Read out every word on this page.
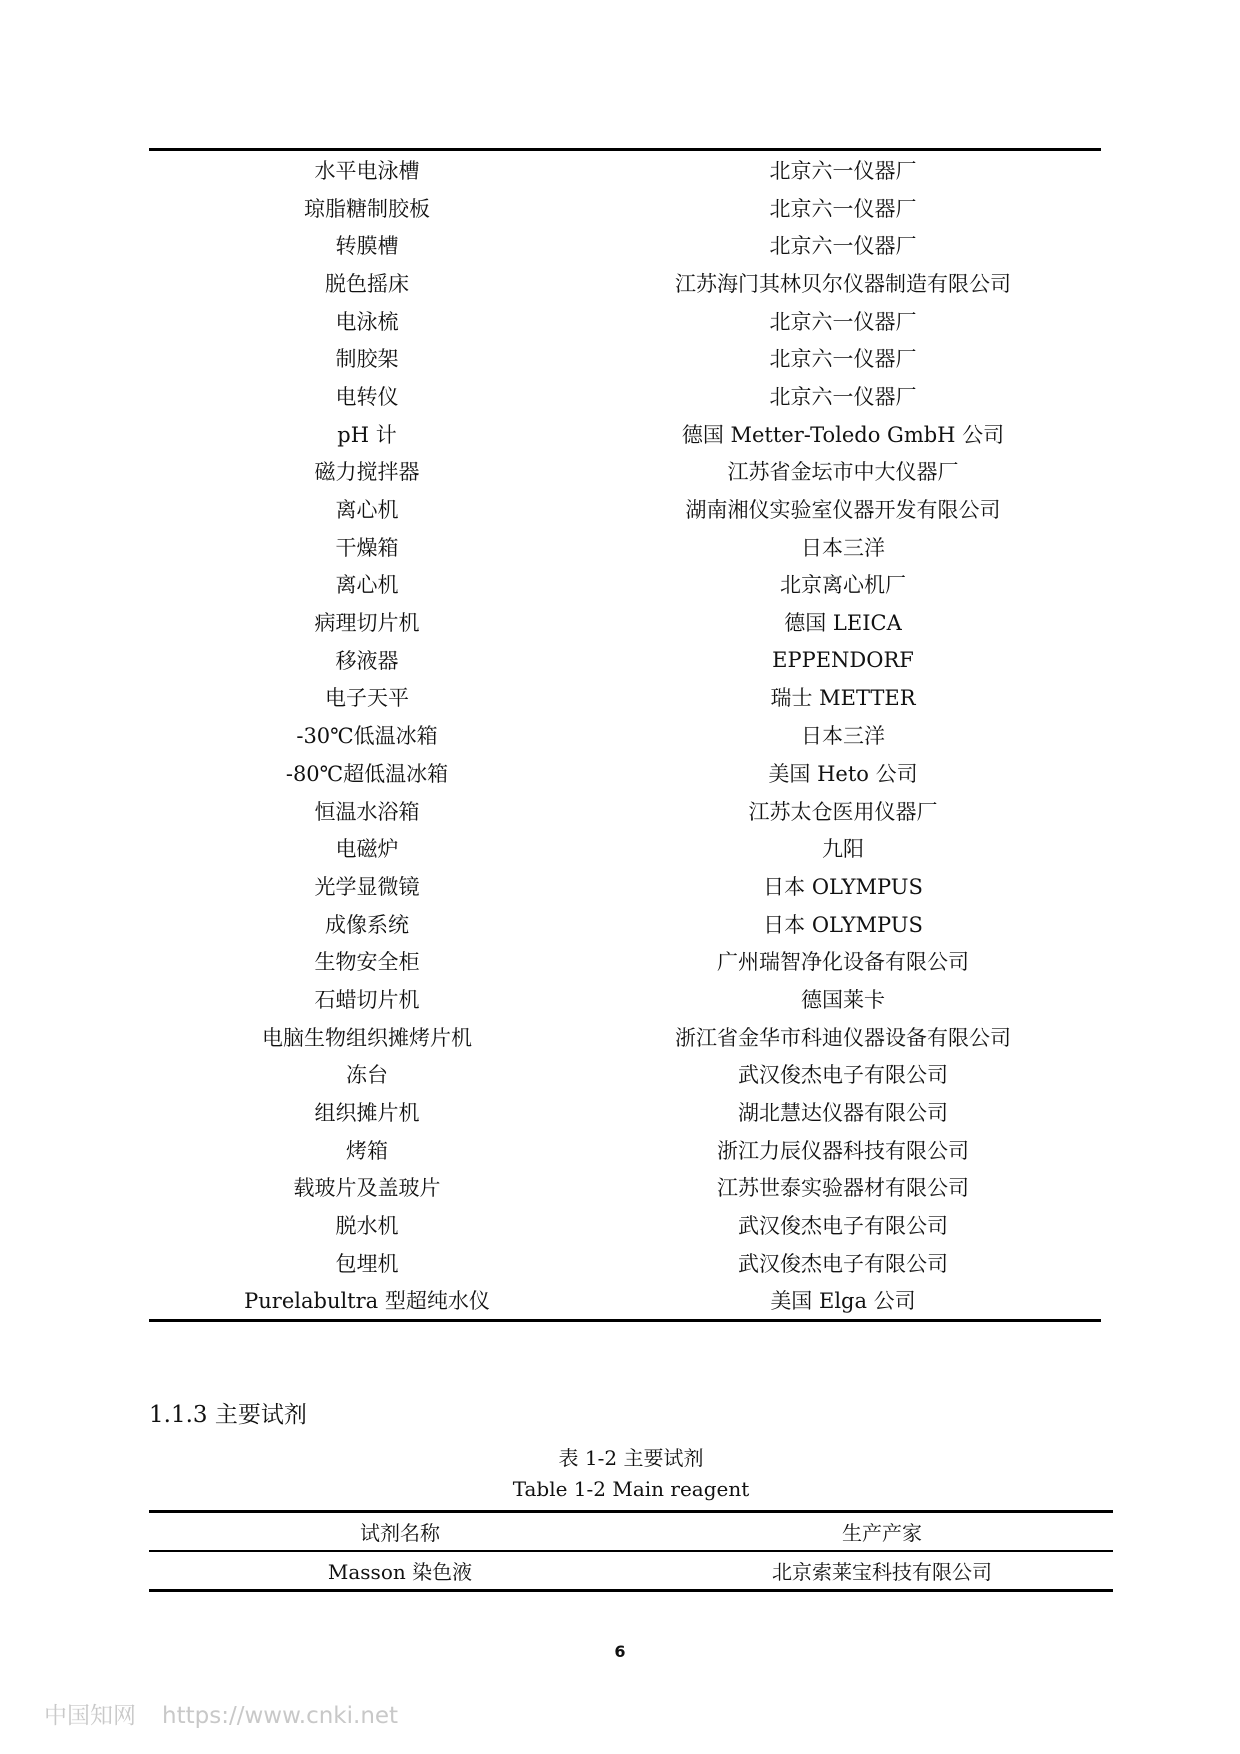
水平电泳槽	北京六一仪器厂
琼脂糖制胶板	北京六一仪器厂
转膜槽	北京六一仪器厂
脱色摇床	江苏海门其林贝尔仪器制造有限公司
电泳梳	北京六一仪器厂
制胶架	北京六一仪器厂
电转仪	北京六一仪器厂
pH 计	德国 Metter-Toledo GmbH 公司
磁力搅拌器	江苏省金坛市中大仪器厂
离心机	湖南湘仪实验室仪器开发有限公司
干燥箱	日本三洋
离心机	北京离心机厂
病理切片机	德国 LEICA
移液器	EPPENDORF
电子天平	瑞士 METTER
-30℃低温冰箱	日本三洋
-80℃超低温冰箱	美国 Heto 公司
恒温水浴箱	江苏太仓医用仪器厂
电磁炉	九阳
光学显微镜	日本 OLYMPUS
成像系统	日本 OLYMPUS
生物安全柜	广州瑞智净化设备有限公司
石蜡切片机	德国莱卡
电脑生物组织摊烤片机	浙江省金华市科迪仪器设备有限公司
冻台	武汉俊杰电子有限公司
组织摊片机	湖北慧达仪器有限公司
烤箱	浙江力辰仪器科技有限公司
载玻片及盖玻片	江苏世泰实验器材有限公司
脱水机	武汉俊杰电子有限公司
包埋机	武汉俊杰电子有限公司
Purelabultra 型超纯水仪	美国 Elga 公司
1.1.3 主要试剂
表 1-2 主要试剂
Table 1-2 Main reagent
试剂名称	生产产家
Masson 染色液	北京索莱宝科技有限公司
6
中国知网 https://www.cnki.net
